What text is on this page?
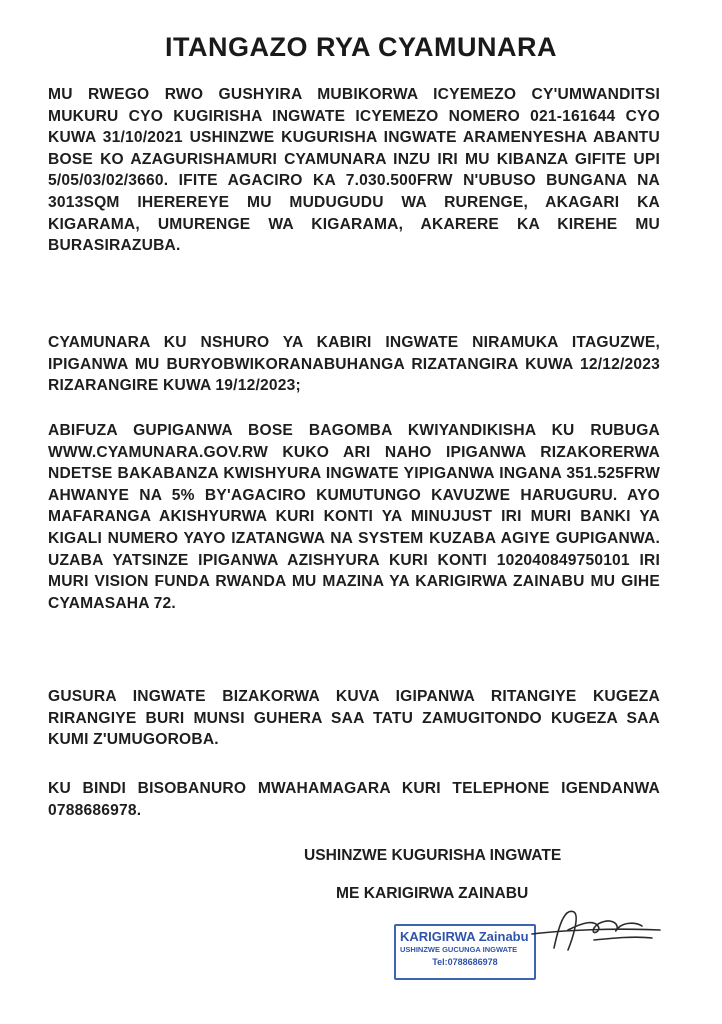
ITANGAZO RYA CYAMUNARA
MU RWEGO RWO GUSHYIRA MUBIKORWA ICYEMEZO CY'UMWANDITSI MUKURU CYO KUGIRISHA INGWATE ICYEMEZO NOMERO 021-161644 CYO KUWA 31/10/2021 USHINZWE KUGURISHA INGWATE ARAMENYESHA ABANTU BOSE KO AZAGURISHAMURI CYAMUNARA INZU IRI MU KIBANZA GIFITE UPI 5/05/03/02/3660. IFITE AGACIRO KA 7.030.500FRW N'UBUSO BUNGANA NA 3013SQM IHEREREYE MU MUDUGUDU WA RURENGE, AKAGARI KA KIGARAMA, UMURENGE WA KIGARAMA, AKARERE KA KIREHE MU BURASIRAZUBA.
CYAMUNARA KU NSHURO YA KABIRI INGWATE NIRAMUKA ITAGUZWE, IPIGANWA MU BURYOBWIKORANABUHANGA RIZATANGIRA KUWA 12/12/2023 RIZARANGIRE KUWA 19/12/2023;
ABIFUZA GUPIGANWA BOSE BAGOMBA KWIYANDIKISHA KU RUBUGA WWW.CYAMUNARA.GOV.RW KUKO ARI NAHO IPIGANWA RIZAKORERWA NDETSE BAKABANZA KWISHYURA INGWATE YIPIGANWA INGANA 351.525FRW AHWANYE NA 5% BY'AGACIRO KUMUTUNGO KAVUZWE HARUGURU. AYO MAFARANGA AKISHYURWA KURI KONTI YA MINUJUST IRI MURI BANKI YA KIGALI NUMERO YAYO IZATANGWA NA SYSTEM KUZABA AGIYE GUPIGANWA. UZABA YATSINZE IPIGANWA AZISHYURA KURI KONTI 102040849750101 IRI MURI VISION FUNDA RWANDA MU MAZINA YA KARIGIRWA ZAINABU MU GIHE CYAMASAHA 72.
GUSURA INGWATE BIZAKORWA KUVA IGIPANWA RITANGIYE KUGEZA RIRANGIYE BURI MUNSI GUHERA SAA TATU ZAMUGITONDO KUGEZA SAA KUMI Z'UMUGOROBA.
KU BINDI BISOBANURO MWAHAMAGARA KURI TELEPHONE IGENDANWA 0788686978.
USHINZWE KUGURISHA INGWATE
ME KARIGIRWA ZAINABU
KARIGIRWA Zainabu
USHINZWE GUCUNGA INGWATE
Tel:0788686978
